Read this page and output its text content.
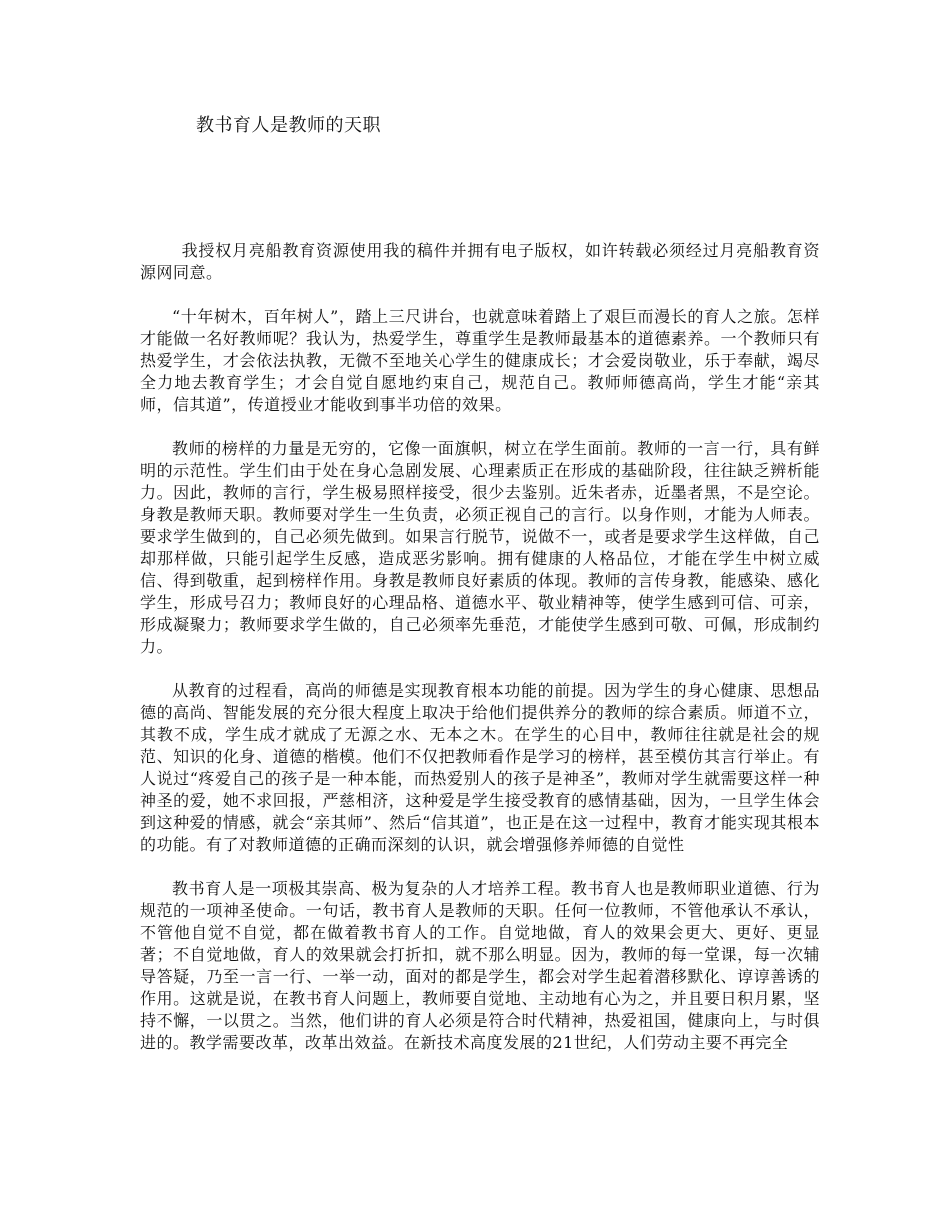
教书育人是教师的天职

我授权月亮船教育资源使用我的稿件并拥有电子版权，如许转载必须经过月亮船教育资源网同意。

“十年树木，百年树人”，踏上三尺讲台，也就意味着踏上了艰巨而漫长的育人之旅。怎样才能做一名好教师呢？我认为，热爱学生，尊重学生是教师最基本的道德素养。一个教师只有热爱学生，才会依法执教，无微不至地关心学生的健康成长；才会爱岗敬业，乐于奉献，竭尽全力地去教育学生；才会自觉自愿地约束自己，规范自己。教师师德高尚，学生才能“亲其师，信其道”，传道授业才能收到事半功倍的效果。

教师的榜样的力量是无穷的，它像一面旗帜，树立在学生面前。教师的一言一行，具有鲜明的示范性。学生们由于处在身心急剧发展、心理素质正在形成的基础阶段，往往缺乏辨析能力。因此，教师的言行，学生极易照样接受，很少去鉴别。近朱者赤，近墨者黑，不是空论。身教是教师天职。教师要对学生一生负责，必须正视自己的言行。以身作则，才能为人师表。要求学生做到的，自己必须先做到。如果言行脱节，说做不一，或者是要求学生这样做，自己却那样做，只能引起学生反感，造成恶劣影响。拥有健康的人格品位，才能在学生中树立威信、得到敬重，起到榜样作用。身教是教师良好素质的体现。教师的言传身教，能感染、感化学生，形成号召力；教师良好的心理品格、道德水平、敬业精神等，使学生感到可信、可亲，形成凝聚力；教师要求学生做的，自己必须率先垂范，才能使学生感到可敬、可佩，形成制约力。

从教育的过程看，高尚的师德是实现教育根本功能的前提。因为学生的身心健康、思想品德的高尚、智能发展的充分很大程度上取决于给他们提供养分的教师的综合素质。师道不立，其教不成，学生成才就成了无源之水、无本之木。在学生的心目中，教师往往就是社会的规范、知识的化身、道德的楷模。他们不仅把教师看作是学习的榜样，甚至模仿其言行举止。有人说过“疼爱自己的孩子是一种本能，而热爱别人的孩子是神圣”，教师对学生就需要这样一种神圣的爱，她不求回报，严慈相济，这种爱是学生接受教育的感情基础，因为，一旦学生体会到这种爱的情感，就会“亲其师”、然后“信其道”，也正是在这一过程中，教育才能实现其根本的功能。有了对教师道德的正确而深刻的认识，就会增强修养师德的自觉性

教书育人是一项极其崇高、极为复杂的人才培养工程。教书育人也是教师职业道德、行为规范的一项神圣使命。一句话，教书育人是教师的天职。任何一位教师，不管他承认不承认，不管他自觉不自觉，都在做着教书育人的工作。自觉地做，育人的效果会更大、更好、更显著；不自觉地做，育人的效果就会打折扣，就不那么明显。因为，教师的每一堂课，每一次辅导答疑，乃至一言一行、一举一动，面对的都是学生，都会对学生起着潜移默化、谆谆善诱的作用。这就是说，在教书育人问题上，教师要自觉地、主动地有心为之，并且要日积月累，坚持不懈，一以贯之。当然，他们讲的育人必须是符合时代精神，热爱祖国，健康向上，与时俱进的。教学需要改革，改革出效益。在新技术高度发展的21世纪，人们劳动主要不再完全
